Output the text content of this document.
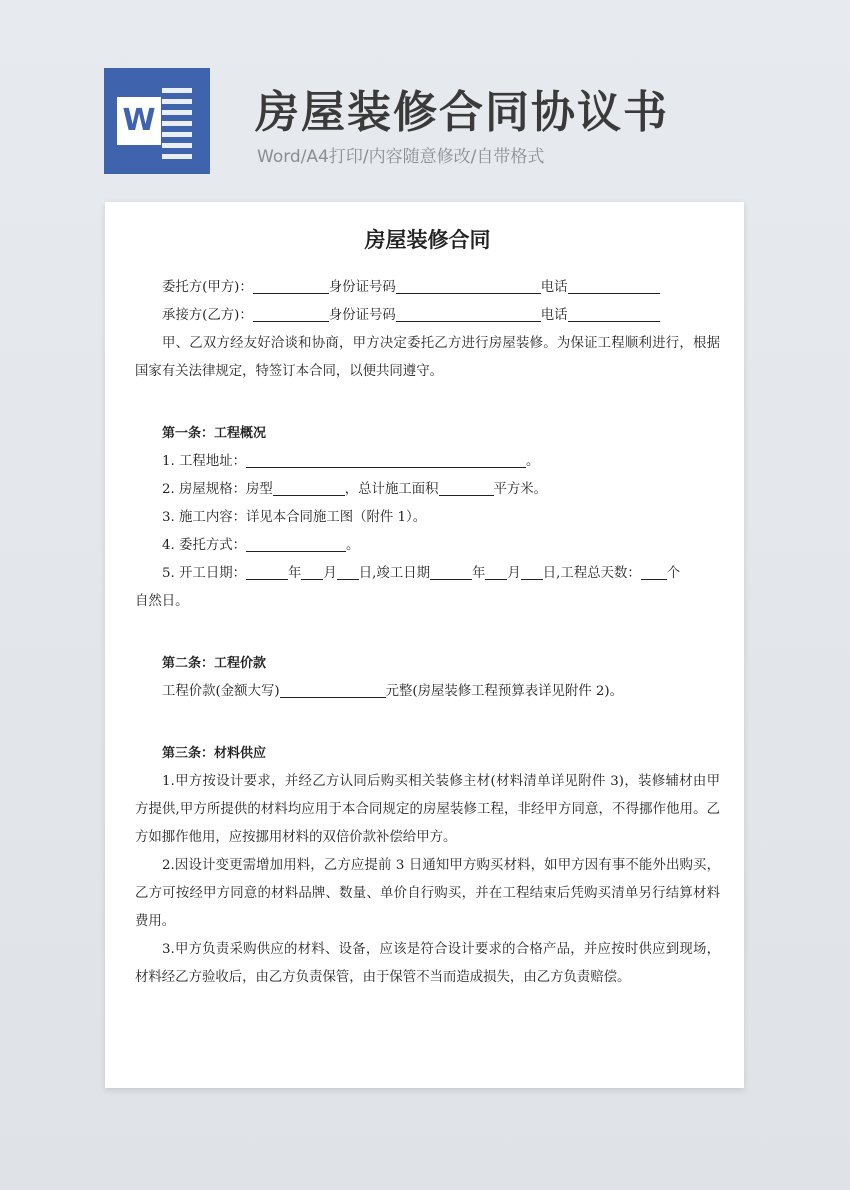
W 房屋装修合同协议书
Word/A4打印/内容随意修改/自带格式
房屋装修合同
委托方(甲方)：	身份证号码	电话
承接方(乙方)：	身份证号码	电话
甲、乙双方经友好洽谈和协商，甲方决定委托乙方进行房屋装修。为保证工程顺利进行，根据国家有关法律规定，特签订本合同，以便共同遵守。
第一条：工程概况
1. 工程地址：	。
2. 房屋规格：房型	，总计施工面积	平方米。
3. 施工内容：详见本合同施工图（附件 1）。
4. 委托方式：	。
5. 开工日期：	年 月 日,竣工日期	年 月 日,工程总天数： 个
自然日。
第二条：工程价款
工程价款(金额大写)	元整(房屋装修工程预算表详见附件 2)。
第三条：材料供应
1.甲方按设计要求，并经乙方认同后购买相关装修主材(材料清单详见附件 3)，装修辅材由甲方提供,甲方所提供的材料均应用于本合同规定的房屋装修工程，非经甲方同意，不得挪作他用。乙方如挪作他用，应按挪用材料的双倍价款补偿给甲方。
2.因设计变更需增加用料，乙方应提前 3 日通知甲方购买材料，如甲方因有事不能外出购买，乙方可按经甲方同意的材料品牌、数量、单价自行购买，并在工程结束后凭购买清单另行结算材料费用。
3.甲方负责采购供应的材料、设备，应该是符合设计要求的合格产品，并应按时供应到现场，材料经乙方验收后，由乙方负责保管，由于保管不当而造成损失，由乙方负责赔偿。
